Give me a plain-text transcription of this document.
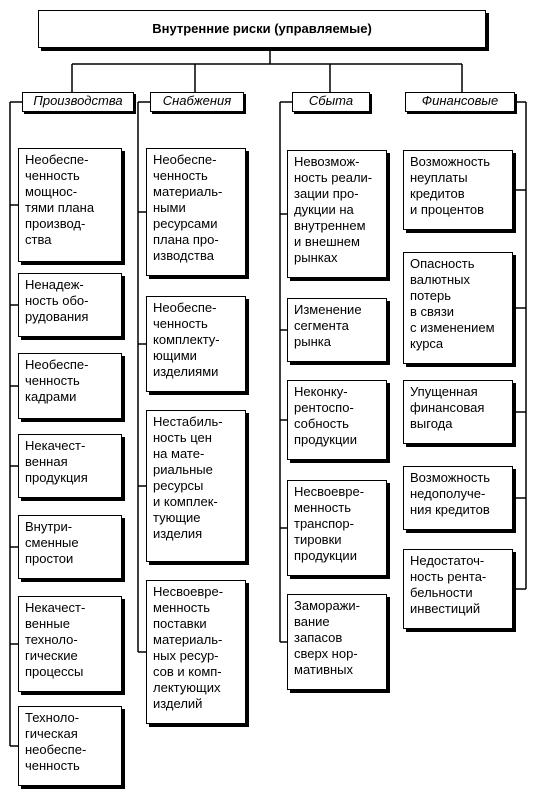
Внутренние риски (управляемые)
Производства
Необеспе-
ченность
мощнос-
тями плана
производ-
ства
Ненадеж-
ность обо-
рудования
Необеспе-
ченность
кадрами
Некачест-
венная
продукция
Внутри-
сменные
простои
Некачест-
венные
техноло-
гические
процессы
Техноло-
гическая
необеспе-
ченность
Снабжения
Необеспе-
ченность
материаль-
ными
ресурсами
плана про-
изводства
Необеспе-
ченность
комплекту-
ющими
изделиями
Нестабиль-
ность цен
на мате-
риальные
ресурсы
и комплек-
тующие
изделия
Несвоевре-
менность
поставки
материаль-
ных ресур-
сов и комп-
лектующих
изделий
Сбыта
Невозмож-
ность реали-
зации про-
дукции на
внутреннем
и внешнем
рынках
Изменение
сегмента
рынка
Неконку-
рентоспо-
собность
продукции
Несвоевре-
менность
транспор-
тировки
продукции
Заморажи-
вание
запасов
сверх нор-
мативных
Финансовые
Возможность
неуплаты
кредитов
и процентов
Опасность
валютных
потерь
в связи
с изменением
курса
Упущенная
финансовая
выгода
Возможность
недополуче-
ния кредитов
Недостаточ-
ность рента-
бельности
инвестиций
